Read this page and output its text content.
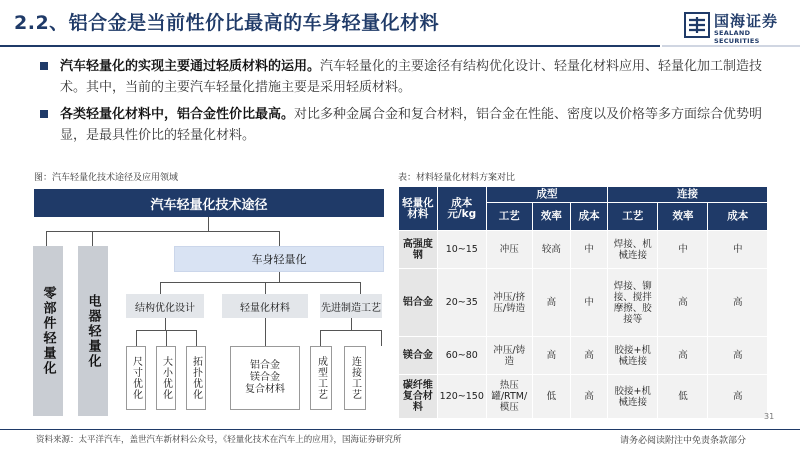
2.2、铝合金是当前性价比最高的车身轻量化材料	国海证券
SEALAND SECURITIES
汽车轻量化的实现主要通过轻质材料的运用。汽车轻量化的主要途径有结构优化设计、轻量化材料应用、轻量化加工制造技术。其中，当前的主要汽车轻量化措施主要是采用轻质材料。
各类轻量化材料中，铝合金性价比最高。对比多种金属合金和复合材料，铝合金在性能、密度以及价格等多方面综合优势明显，是最具性价比的轻量化材料。
图：汽车轻量化技术途径及应用领域
汽车轻量化技术途径
零部件轻量化	电器轻量化
车身轻量化
结构优化设计	轻量化材料	先进制造工艺
尺寸优化	大小优化	拓扑优化	铝合金
镁合金
复合材料	成型工艺	连接工艺
表：材料轻量化材料方案对比
轻量化材料	成本元/kg	成型			连接		
		工艺	效率	成本	工艺	效率	成本
高强度钢	10~15	冲压	较高	中	焊接、机械连接	中	中
铝合金	20~35	冲压/挤压/铸造	高	中	焊接、铆接、搅拌摩擦、胶接等	高	高
镁合金	60~80	冲压/铸造	高	高	胶接+机械连接	高	高
碳纤维复合材料	120~150	热压罐/RTM/模压	低	高	胶接+机械连接	低	高
31
资料来源：太平洋汽车，盖世汽车新材料公众号，《轻量化技术在汽车上的应用》，国海证券研究所	请务必阅读附注中免责条款部分
